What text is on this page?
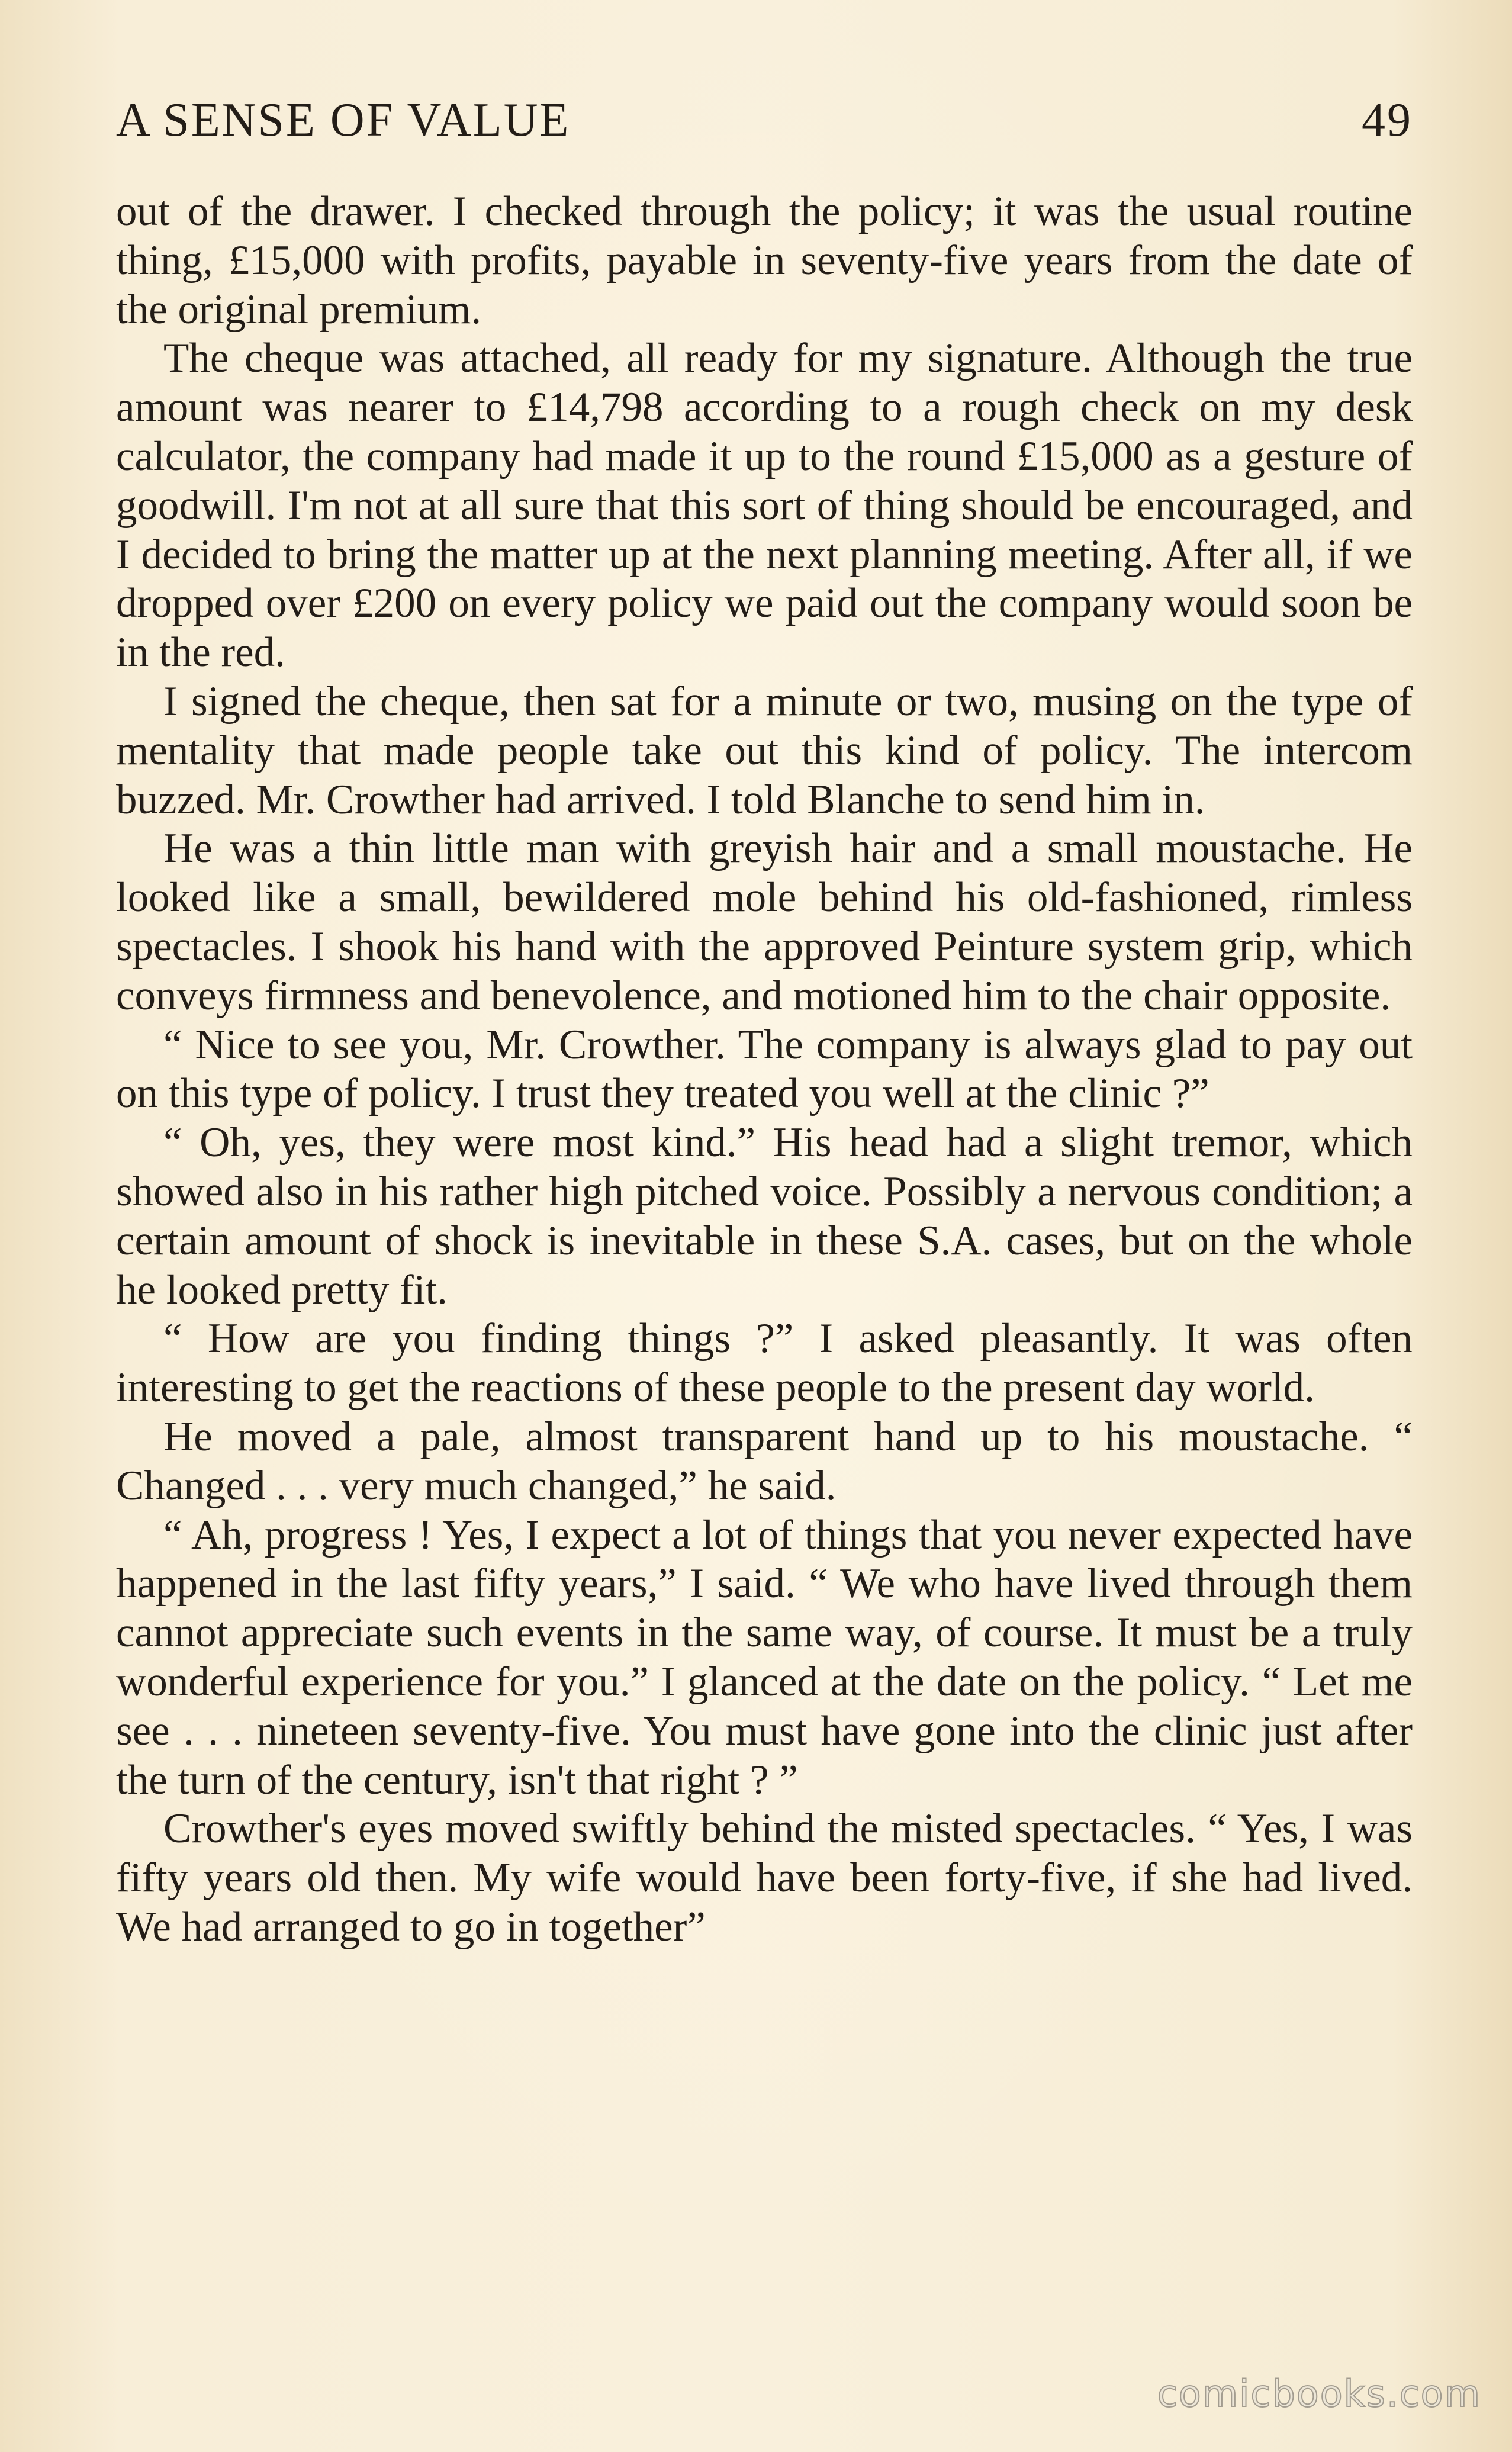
A SENSE OF VALUE	49

out of the drawer. I checked through the policy; it was the usual routine thing, £15,000 with profits, payable in seventy-five years from the date of the original premium.

The cheque was attached, all ready for my signature. Although the true amount was nearer to £14,798 according to a rough check on my desk calculator, the company had made it up to the round £15,000 as a gesture of goodwill. I'm not at all sure that this sort of thing should be encouraged, and I decided to bring the matter up at the next planning meeting. After all, if we dropped over £200 on every policy we paid out the company would soon be in the red.

I signed the cheque, then sat for a minute or two, musing on the type of mentality that made people take out this kind of policy. The intercom buzzed. Mr. Crowther had arrived. I told Blanche to send him in.

He was a thin little man with greyish hair and a small moustache. He looked like a small, bewildered mole behind his old-fashioned, rimless spectacles. I shook his hand with the approved Peinture system grip, which conveys firmness and benevolence, and motioned him to the chair opposite.

“ Nice to see you, Mr. Crowther. The company is always glad to pay out on this type of policy. I trust they treated you well at the clinic ?”

“ Oh, yes, they were most kind.” His head had a slight tremor, which showed also in his rather high pitched voice. Possibly a nervous condition; a certain amount of shock is inevitable in these S.A. cases, but on the whole he looked pretty fit.

“ How are you finding things ?” I asked pleasantly. It was often interesting to get the reactions of these people to the present day world.

He moved a pale, almost transparent hand up to his moustache. “ Changed . . . very much changed,” he said.

“ Ah, progress ! Yes, I expect a lot of things that you never expected have happened in the last fifty years,” I said. “ We who have lived through them cannot appreciate such events in the same way, of course. It must be a truly wonderful experience for you.” I glanced at the date on the policy. “ Let me see . . . nineteen seventy-five. You must have gone into the clinic just after the turn of the century, isn't that right ? ”

Crowther's eyes moved swiftly behind the misted spectacles. “ Yes, I was fifty years old then. My wife would have been forty-five, if she had lived. We had arranged to go in together”

comicbooks.com
